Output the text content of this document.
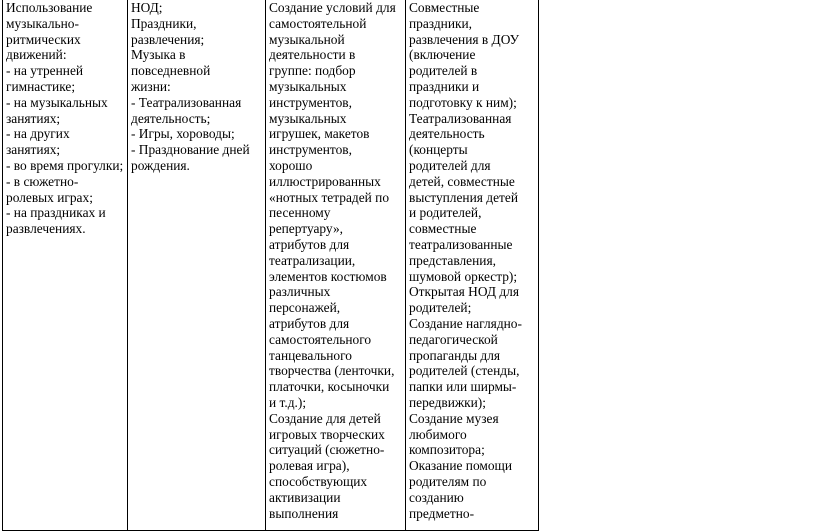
Использование
музыкально-
ритмических
движений:
- на утренней
гимнастике;
- на музыкальных
занятиях;
- на других
занятиях;
- во время прогулки;
- в сюжетно-
ролевых играх;
- на праздниках и
развлечениях.	НОД;
Праздники,
развлечения;
Музыка в
повседневной
жизни:
- Театрализованная
деятельность;
- Игры, хороводы;
- Празднование дней
рождения.	Создание условий для
самостоятельной
музыкальной
деятельности в
группе: подбор
музыкальных
инструментов,
музыкальных
игрушек, макетов
инструментов,
хорошо
иллюстрированных
«нотных тетрадей по
песенному
репертуару»,
атрибутов для
театрализации,
элементов костюмов
различных
персонажей,
атрибутов для
самостоятельного
танцевального
творчества (ленточки,
платочки, косыночки
и т.д.);
Создание для детей
игровых творческих
ситуаций (сюжетно-
ролевая игра),
способствующих
активизации
выполнения	Совместные
праздники,
развлечения в ДОУ
(включение
родителей в
праздники и
подготовку к ним);
Театрализованная
деятельность
(концерты
родителей для
детей, совместные
выступления детей
и родителей,
совместные
театрализованные
представления,
шумовой оркестр);
Открытая НОД для
родителей;
Создание наглядно-
педагогической
пропаганды для
родителей (стенды,
папки или ширмы-
передвижки);
Создание музея
любимого
композитора;
Оказание помощи
родителям по
созданию
предметно-
